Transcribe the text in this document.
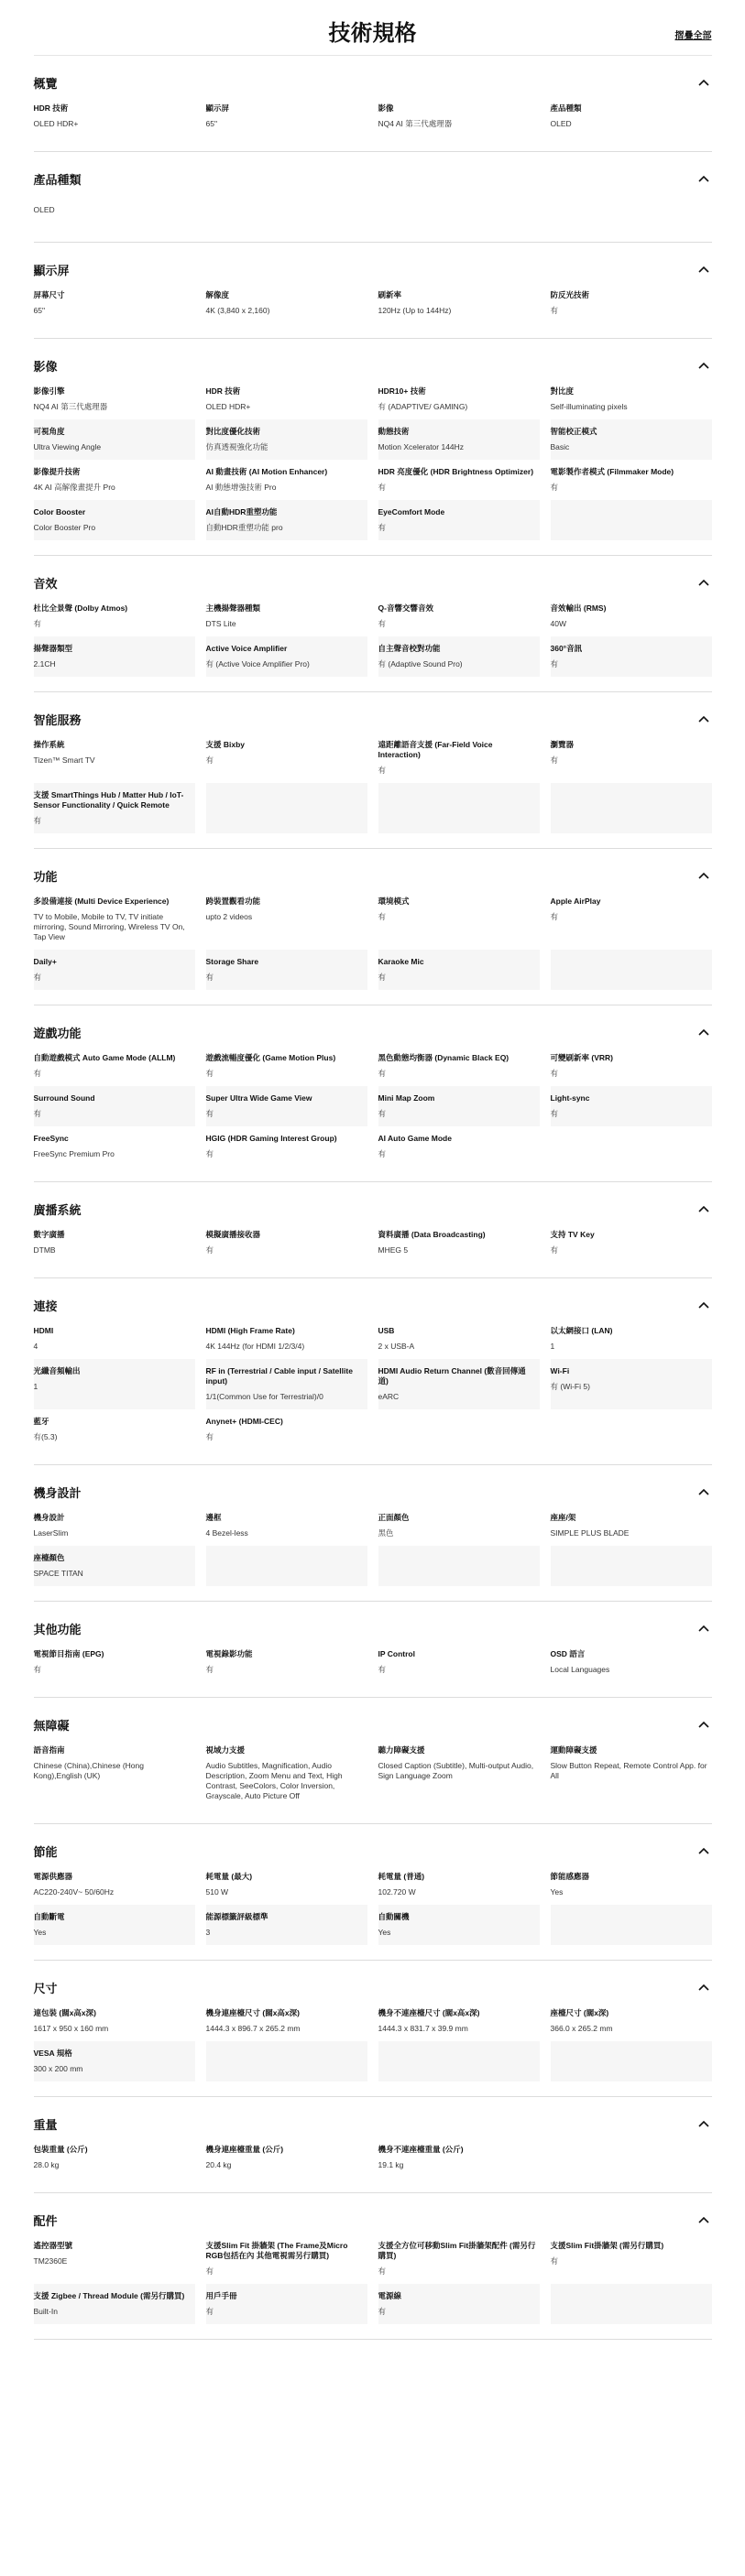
技術規格	摺疊全部
概覽
HDR 技術
OLED HDR+
顯示屏
65"
影像
NQ4 AI 第三代處理器
產品種類
OLED
產品種類
OLED
顯示屏
屏幕尺寸
65"
解像度
4K (3,840 x 2,160)
刷新率
120Hz (Up to 144Hz)
防反光技術
有
影像
影像引擎
NQ4 AI 第三代處理器
HDR 技術
OLED HDR+
HDR10+ 技術
有 (ADAPTIVE/ GAMING)
對比度
Self-illuminating pixels
可視角度
Ultra Viewing Angle
對比度優化技術
仿真透視強化功能
動態技術
Motion Xcelerator 144Hz
智能校正模式
Basic
影像提升技術
4K AI 高解像畫提升 Pro
AI 動畫技術 (AI Motion Enhancer)
AI 動態增強技術 Pro
HDR 亮度優化 (HDR Brightness Optimizer)
有
電影製作者模式 (Filmmaker Mode)
有
Color Booster
Color Booster Pro
AI自動HDR重塑功能
自動HDR重塑功能 pro
EyeComfort Mode
有
音效
杜比全景聲 (Dolby Atmos)
有
主機揚聲器種類
DTS Lite
Q-音響交響音效
有
音效輸出 (RMS)
40W
揚聲器類型
2.1CH
Active Voice Amplifier
有 (Active Voice Amplifier Pro)
自主聲音校對功能
有 (Adaptive Sound Pro)
360°音訊
有
智能服務
操作系統
Tizen™ Smart TV
支援 Bixby
有
遠距離語音支援 (Far-Field Voice Interaction)
有
瀏覽器
有
支援 SmartThings Hub / Matter Hub / IoT-Sensor Functionality / Quick Remote
有
功能
多設備連接 (Multi Device Experience)
TV to Mobile, Mobile to TV, TV initiate mirroring, Sound Mirroring, Wireless TV On, Tap View
跨裝置觀看功能
upto 2 videos
環境模式
有
Apple AirPlay
有
Daily+
有
Storage Share
有
Karaoke Mic
有
遊戲功能
自動遊戲模式 Auto Game Mode (ALLM)
有
遊戲流暢度優化 (Game Motion Plus)
有
黑色動態均衡器 (Dynamic Black EQ)
有
可變刷新率 (VRR)
有
Surround Sound
有
Super Ultra Wide Game View
有
Mini Map Zoom
有
Light-sync
有
FreeSync
FreeSync Premium Pro
HGIG (HDR Gaming Interest Group)
有
AI Auto Game Mode
有
廣播系統
數字廣播
DTMB
模擬廣播接收器
有
資料廣播 (Data Broadcasting)
MHEG 5
支持 TV Key
有
連接
HDMI
4
HDMI (High Frame Rate)
4K 144Hz (for HDMI 1/2/3/4)
USB
2 x USB-A
以太網接口 (LAN)
1
光纖音頻輸出
1
RF in (Terrestrial / Cable input / Satellite input)
1/1(Common Use for Terrestrial)/0
HDMI Audio Return Channel (數音回傳通道)
eARC
Wi-Fi
有 (Wi-Fi 5)
藍牙
有(5.3)
Anynet+ (HDMI-CEC)
有
機身設計
機身設計
LaserSlim
邊框
4 Bezel-less
正面顏色
黑色
座座/架
SIMPLE PLUS BLADE
座檯顏色
SPACE TITAN
其他功能
電視節目指南 (EPG)
有
電視錄影功能
有
IP Control
有
OSD 語言
Local Languages
無障礙
語音指南
Chinese (China),Chinese (Hong Kong),English (UK)
視域力支援
Audio Subtitles, Magnification, Audio Description, Zoom Menu and Text, High Contrast, SeeColors, Color Inversion, Grayscale, Auto Picture Off
聽力障礙支援
Closed Caption (Subtitle), Multi-output Audio, Sign Language Zoom
運動障礙支援
Slow Button Repeat, Remote Control App. for All
節能
電源供應器
AC220-240V~ 50/60Hz
耗電量 (最大)
510 W
耗電量 (普通)
102.720 W
節能感應器
Yes
自動斷電
Yes
能源標籤評級標準
3
自動關機
Yes
尺寸
連包裝 (闊x高x深)
1617 x 950 x 160 mm
機身連座檯尺寸 (闊x高x深)
1444.3 x 896.7 x 265.2 mm
機身不連座檯尺寸 (闊x高x深)
1444.3 x 831.7 x 39.9 mm
座檯尺寸 (闊x深)
366.0 x 265.2 mm
VESA 規格
300 x 200 mm
重量
包裝重量 (公斤)
28.0 kg
機身連座檯重量 (公斤)
20.4 kg
機身不連座檯重量 (公斤)
19.1 kg
配件
遙控器型號
TM2360E
支援Slim Fit 掛牆架 (The Frame及Micro RGB包括在內 其他電視需另行購買)
有
支援全方位可移動Slim Fit掛牆架配件 (需另行購買)
有
支援Slim Fit掛牆架 (需另行購買)
有
支援 Zigbee / Thread Module (需另行購買)
Built-In
用戶手冊
有
電源線
有
